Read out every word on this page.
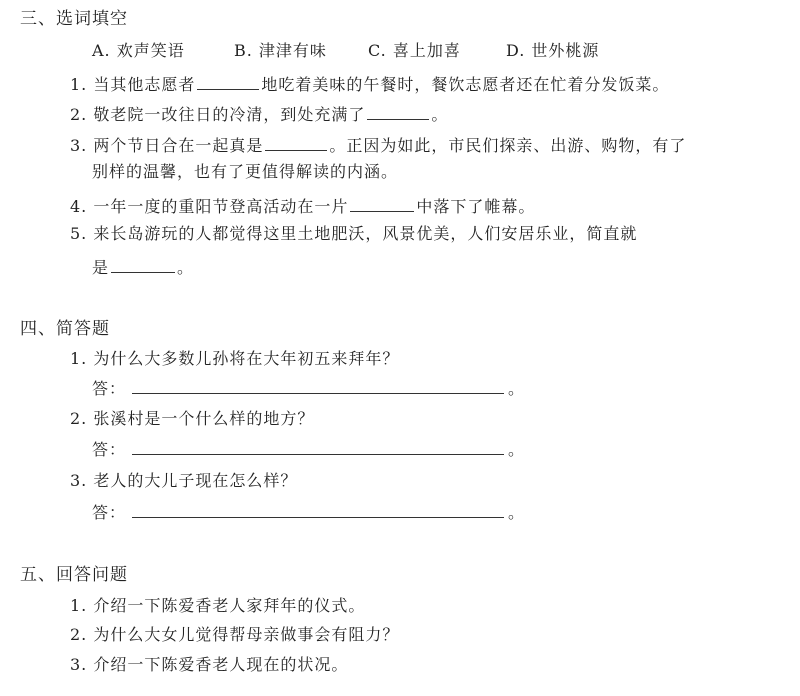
三、选词填空
A. 欢声笑语	B. 津津有味	C. 喜上加喜	D. 世外桃源
1. 当其他志愿者	地吃着美味的午餐时，餐饮志愿者还在忙着分发饭菜。
2. 敬老院一改往日的冷清，到处充满了	。
3. 两个节日合在一起真是	。正因为如此，市民们探亲、出游、购物，有了
别样的温馨，也有了更值得解读的内涵。
4. 一年一度的重阳节登高活动在一片	中落下了帷幕。
5. 来长岛游玩的人都觉得这里土地肥沃，风景优美，人们安居乐业，简直就
是	。
四、简答题
1. 为什么大多数儿孙将在大年初五来拜年？
答：	。
2. 张溪村是一个什么样的地方？
答：	。
3. 老人的大儿子现在怎么样？
答：	。
五、回答问题
1. 介绍一下陈爱香老人家拜年的仪式。
2. 为什么大女儿觉得帮母亲做事会有阻力？
3. 介绍一下陈爱香老人现在的状况。
